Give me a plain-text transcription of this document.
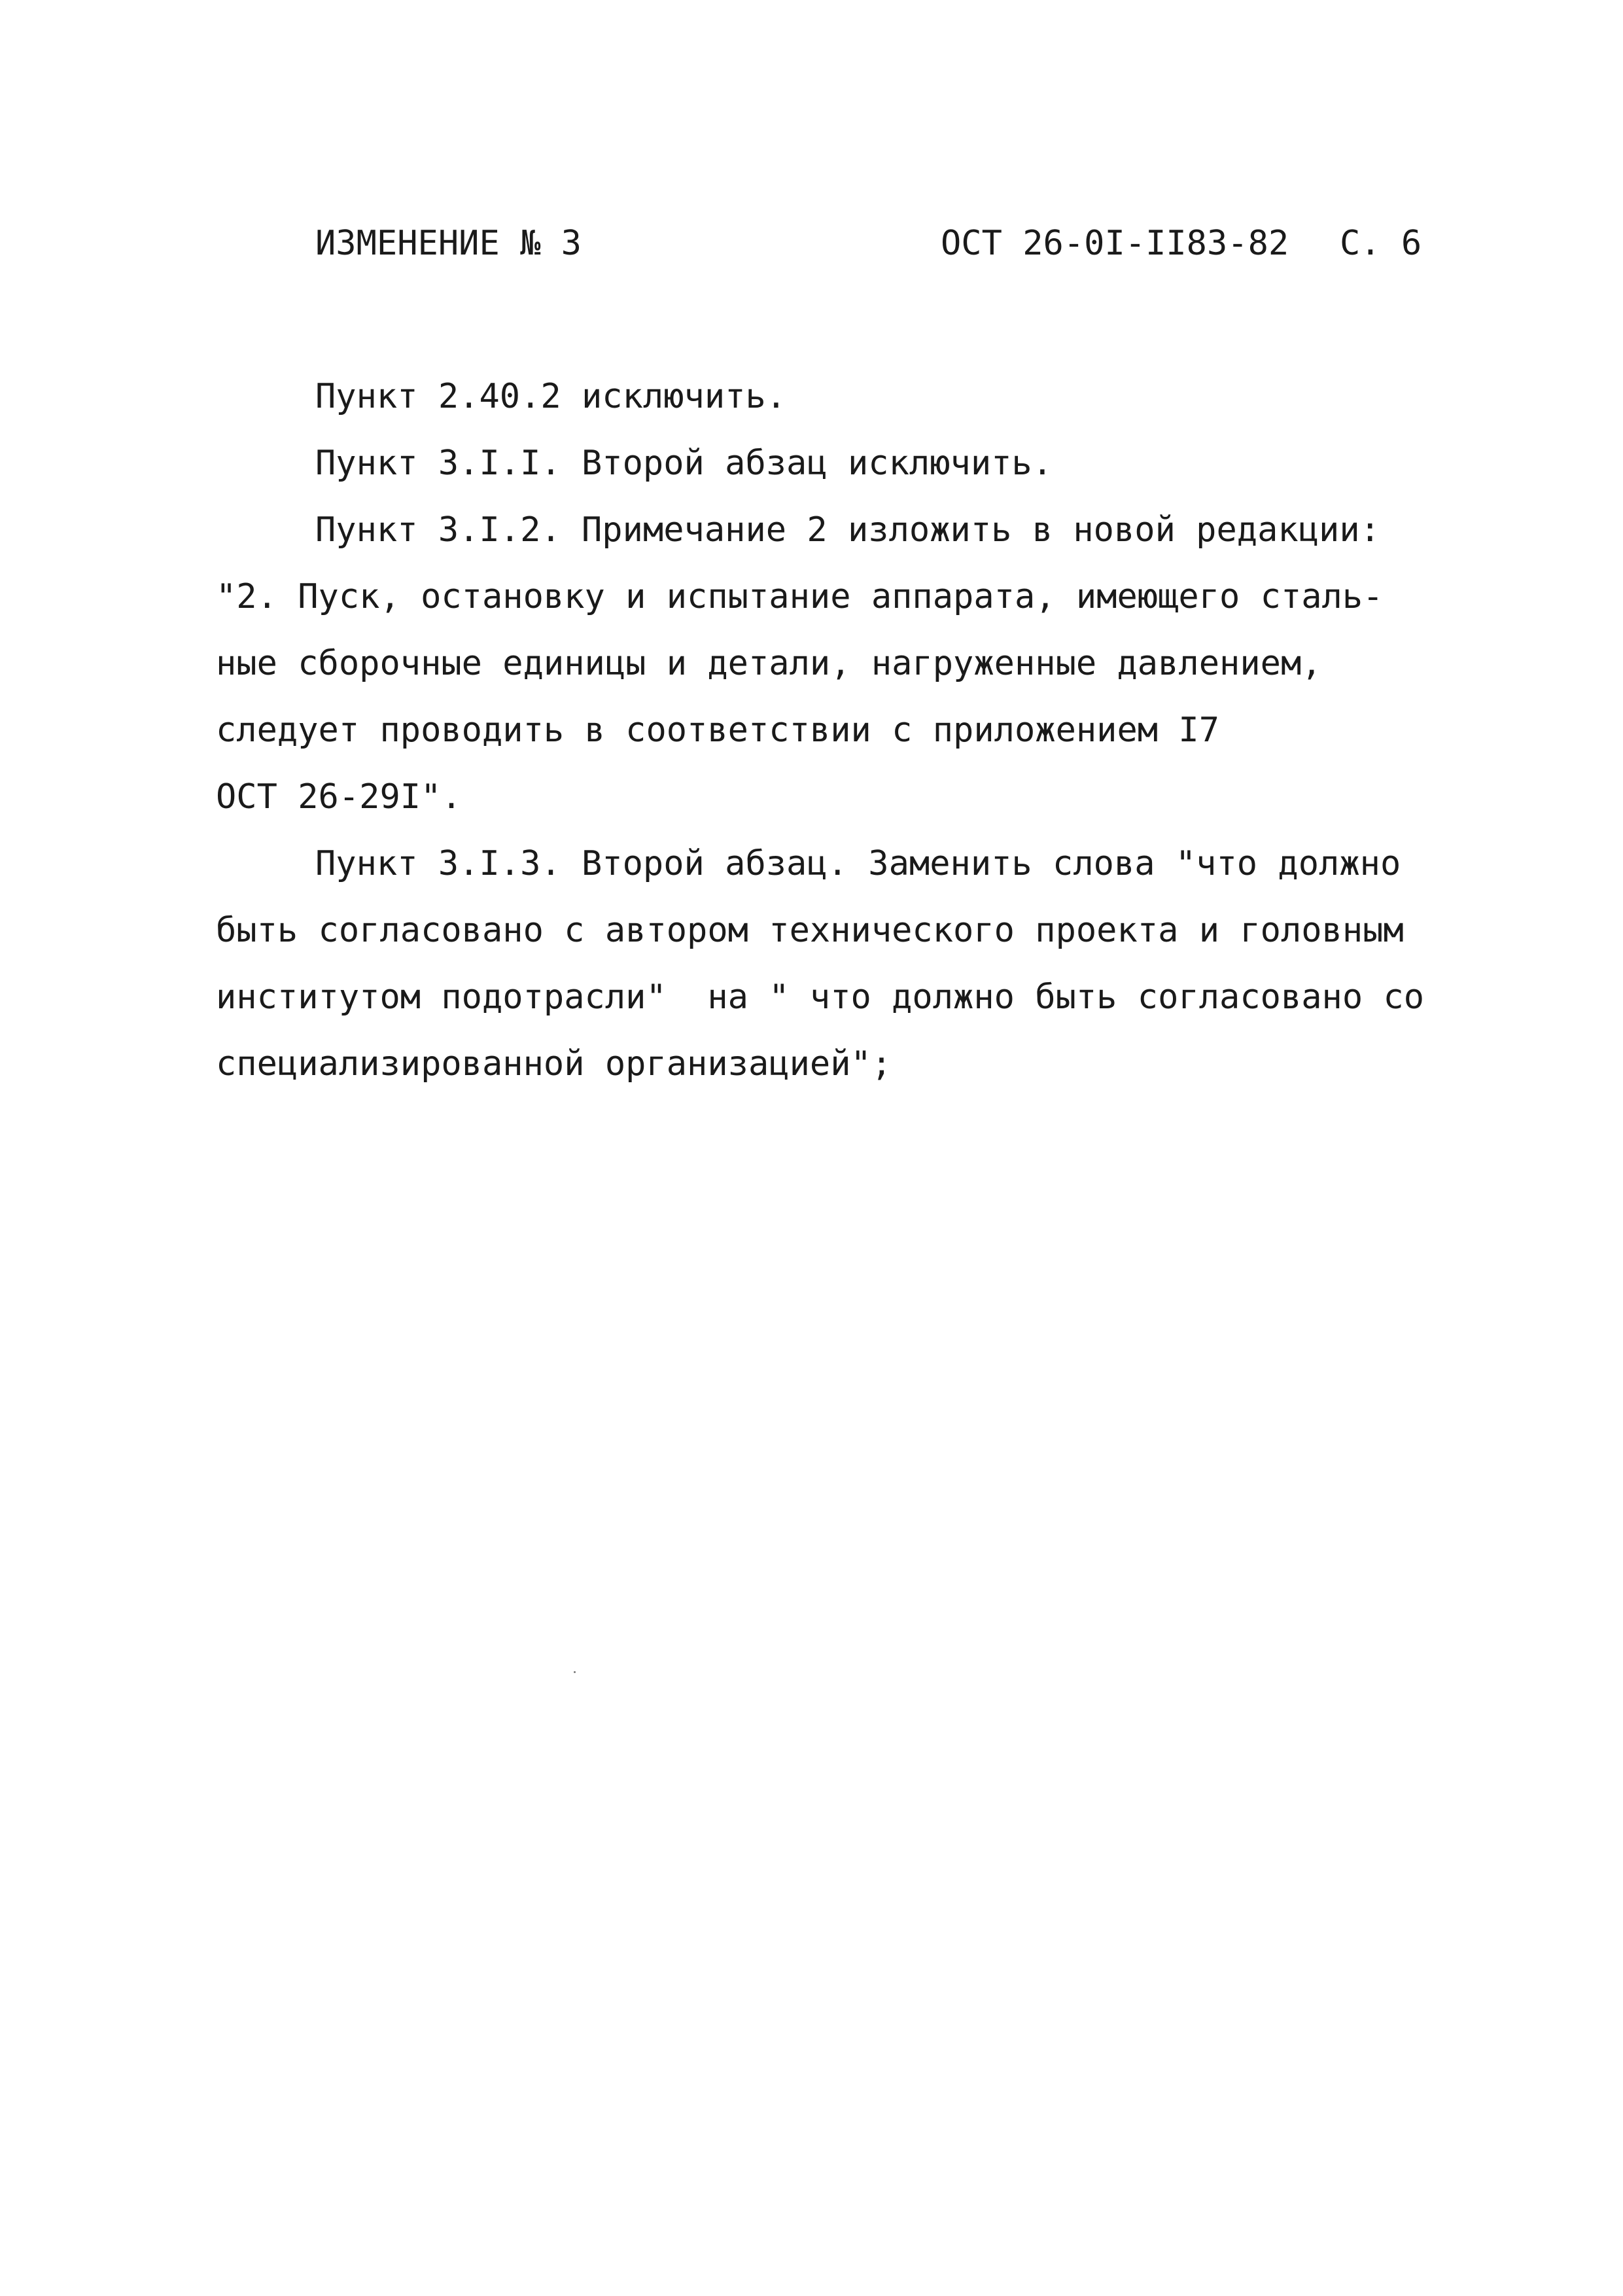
ИЗМЕНЕНИЕ № 3	ОСТ 26-0I-II83-82 С. 6
Пункт 2.40.2 исключить.
Пункт 3.I.I. Второй абзац исключить.
Пункт 3.I.2. Примечание 2 изложить в новой редакции:
"2. Пуск, остановку и испытание аппарата, имеющего сталь-
ные сборочные единицы и детали, нагруженные давлением,
следует проводить в соответствии с приложением I7
ОСТ 26-29I".
Пункт 3.I.3. Второй абзац. Заменить слова "что должно
быть согласовано с автором технического проекта и головным
институтом подотрасли"  на " что должно быть согласовано со
специализированной организацией";
